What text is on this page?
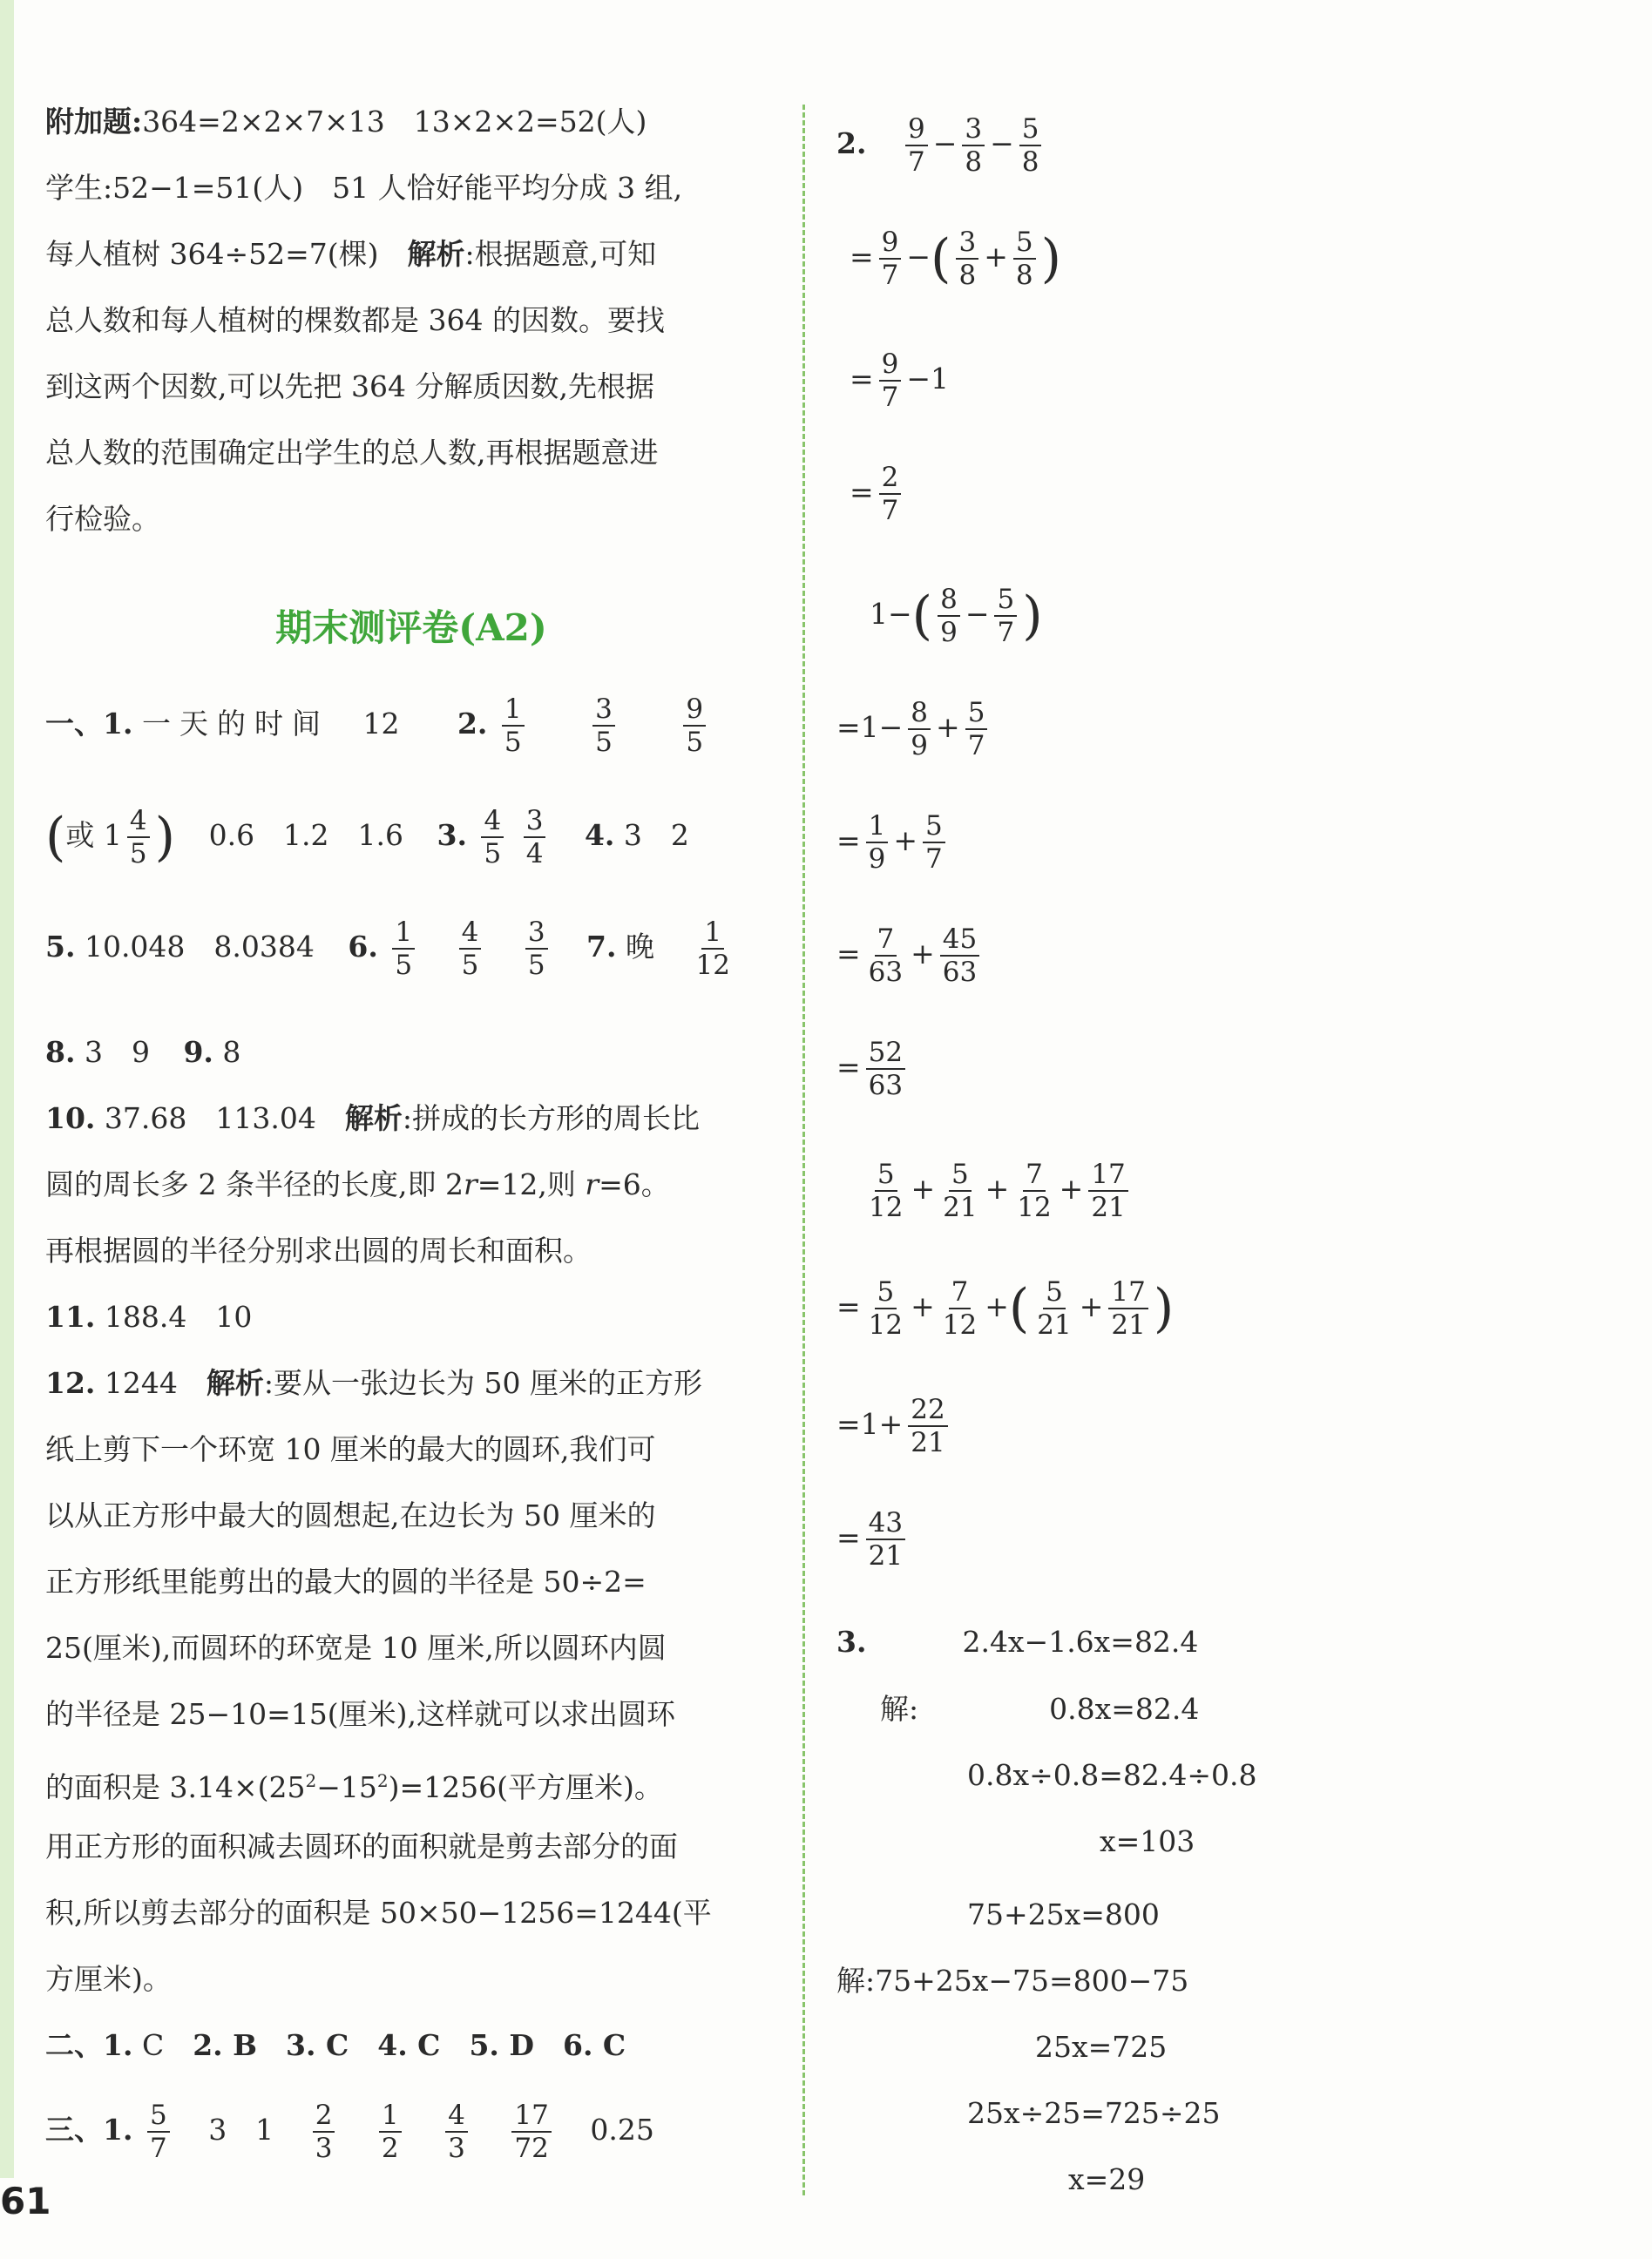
附加题:364=2×2×7×13　13×2×2=52(人)
学生:52−1=51(人)　51 人恰好能平均分成 3 组,
每人植树 364÷52=7(棵)　解析:根据题意,可知
总人数和每人植树的棵数都是 364 的因数。要找
到这两个因数,可以先把 364 分解质因数,先根据
总人数的范围确定出学生的总人数,再根据题意进
行检验。
期末测评卷(A2)
一、1. 一天的时间 12 2. $\frac{1}{5}$
	$\frac{3}{5}$
	$\frac{9}{5}$
(或 $1 \frac{4}{5}$ ) 0.6　1.2　1.6 3. $\frac{4}{5}$
$\frac{3}{4} 4$. 3　2
5. 10.048　8.0384 6. $\frac{1}{5}$
$\frac{4}{5}$
$\frac{3}{5} 7$. 晚 $\frac{1}{12}$
8. 3　9 9. 8
10. 37.68　113.04　解析:拼成的长方形的周长比
圆的周长多 2 条半径的长度,即 2r=12,则 r=6。
再根据圆的半径分别求出圆的周长和面积。
11. 188.4　10
12. 1244　解析:要从一张边长为 50 厘米的正方形
纸上剪下一个环宽 10 厘米的最大的圆环,我们可
以从正方形中最大的圆想起,在边长为 50 厘米的
正方形纸里能剪出的最大的圆的半径是 50÷2=
25(厘米),而圆环的环宽是 10 厘米,所以圆环内圆
的半径是 25−10=15(厘米),这样就可以求出圆环
的面积是 $3.14\times(25^2-15^2)=1256$(平方厘米)。
用正方形的面积减去圆环的面积就是剪去部分的面
积,所以剪去部分的面积是 50×50−1256=1244(平
方厘米)。
二、1. C　2. B　3. C　4. C　5. D　6. C
三、1. $\frac{5}{7} 3$　$1 \frac{2}{3}$
$\frac{1}{2}$
$\frac{4}{3}$
$\frac{17}{72} 0.25$
2. $\frac{9}{7} - \frac{3}{8} - \frac{5}{8}$
= $\frac{9}{7}$ −( $\frac{3}{8} + \frac{5}{8}$ )
= $\frac{9}{7} -1$
= $\frac{2}{7}$
$1-( \frac{8}{9} - \frac{5}{7}$ )
$=1- \frac{8}{9} + \frac{5}{7}$
= $\frac{1}{9} + \frac{5}{7}$
= $\frac{7}{63} + \frac{45}{63}$
= $\frac{52}{63}$
$\frac{5}{12} + \frac{5}{21} + \frac{7}{12} + \frac{17}{21}$
= $\frac{5}{12} + \frac{7}{12}$ +( $\frac{5}{21} + \frac{17}{21}$ )
$=1+ \frac{22}{21}$
= $\frac{43}{21}$
3.	2.4x−1.6x=82.4
解:	0.8x=82.4
0.8x÷0.8=82.4÷0.8
x=103
75+25x=800
解:75+25x−75=800−75
25x=725
25x÷25=725÷25
x=29
61
